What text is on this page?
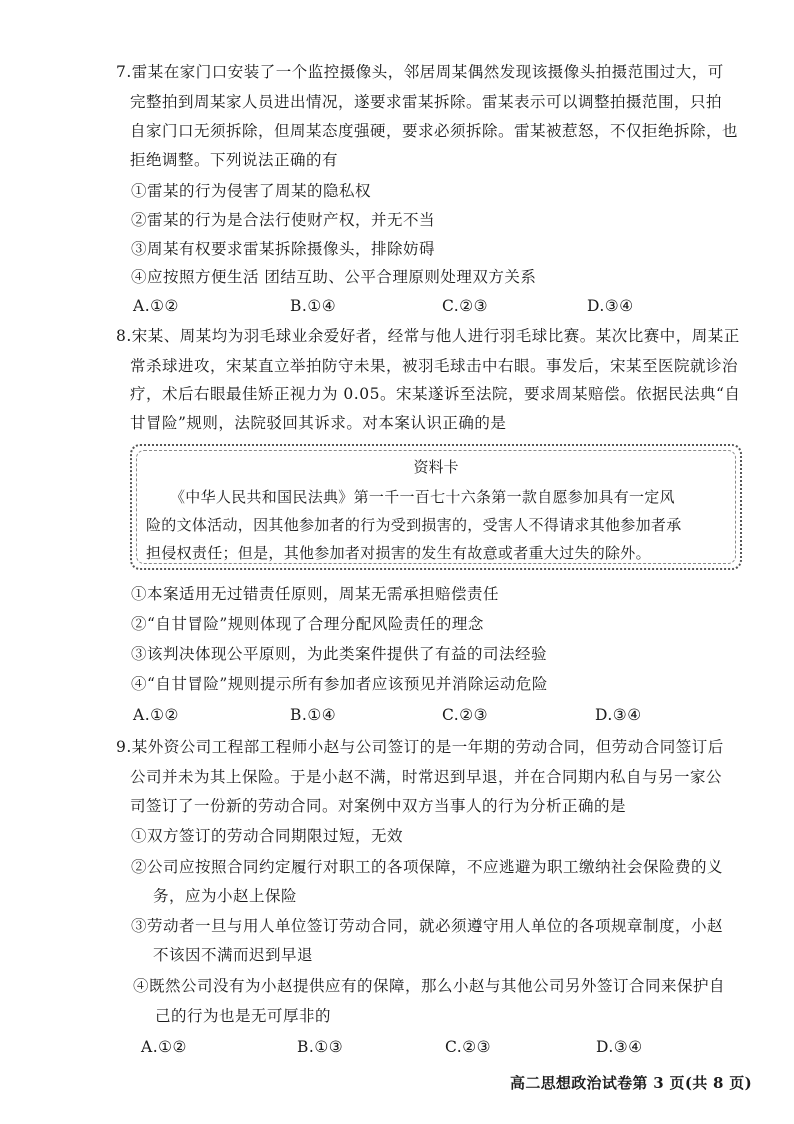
7.雷某在家门口安装了一个监控摄像头，邻居周某偶然发现该摄像头拍摄范围过大，可
完整拍到周某家人员进出情况，遂要求雷某拆除。雷某表示可以调整拍摄范围，只拍
自家门口无须拆除，但周某态度强硬，要求必须拆除。雷某被惹怒，不仅拒绝拆除，也
拒绝调整。下列说法正确的有
①雷某的行为侵害了周某的隐私权
②雷某的行为是合法行使财产权，并无不当
③周某有权要求雷某拆除摄像头，排除妨碍
④应按照方便生活 团结互助、公平合理原则处理双方关系
A.①②	B.①④	C.②③	D.③④
8.宋某、周某均为羽毛球业余爱好者，经常与他人进行羽毛球比赛。某次比赛中，周某正
常杀球进攻，宋某直立举拍防守未果，被羽毛球击中右眼。事发后，宋某至医院就诊治
疗，术后右眼最佳矫正视力为 0.05。宋某遂诉至法院，要求周某赔偿。依据民法典“自
甘冒险”规则，法院驳回其诉求。对本案认识正确的是
资料卡
《中华人民共和国民法典》第一千一百七十六条第一款自愿参加具有一定风
险的文体活动，因其他参加者的行为受到损害的，受害人不得请求其他参加者承
担侵权责任；但是，其他参加者对损害的发生有故意或者重大过失的除外。
①本案适用无过错责任原则，周某无需承担赔偿责任
②“自甘冒险”规则体现了合理分配风险责任的理念
③该判决体现公平原则，为此类案件提供了有益的司法经验
④“自甘冒险”规则提示所有参加者应该预见并消除运动危险
A.①②	B.①④	C.②③	D.③④
9.某外资公司工程部工程师小赵与公司签订的是一年期的劳动合同，但劳动合同签订后
公司并未为其上保险。于是小赵不满，时常迟到早退，并在合同期内私自与另一家公
司签订了一份新的劳动合同。对案例中双方当事人的行为分析正确的是
①双方签订的劳动合同期限过短，无效
②公司应按照合同约定履行对职工的各项保障，不应逃避为职工缴纳社会保险费的义
务，应为小赵上保险
③劳动者一旦与用人单位签订劳动合同，就必须遵守用人单位的各项规章制度，小赵
不该因不满而迟到早退
④既然公司没有为小赵提供应有的保障，那么小赵与其他公司另外签订合同来保护自
己的行为也是无可厚非的
A.①②	B.①③	C.②③	D.③④
高二思想政治试卷第 3 页(共 8 页)
